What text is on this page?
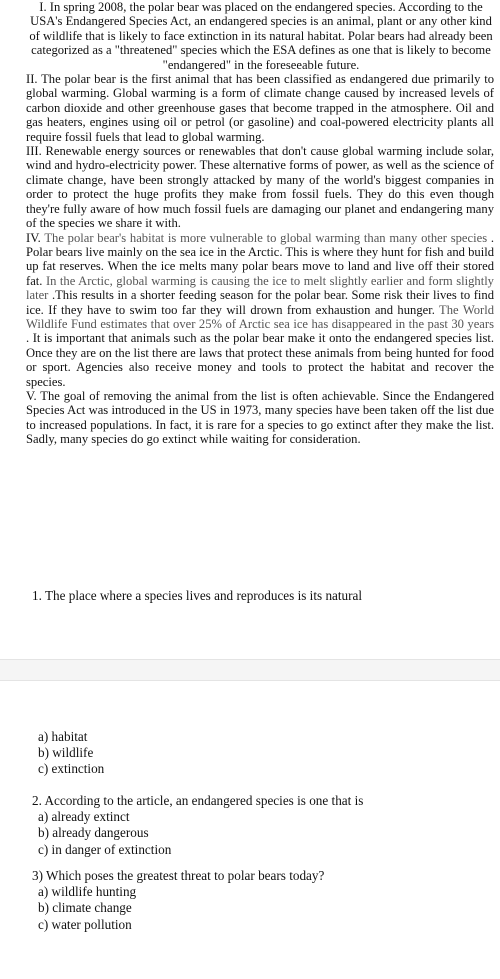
I. In spring 2008, the polar bear was placed on the endangered species. According to the USA's Endangered Species Act, an endangered species is an animal, plant or any other kind of wildlife that is likely to face extinction in its natural habitat. Polar bears had already been categorized as a "threatened" species which the ESA defines as one that is likely to become "endangered" in the foreseeable future.

II. The polar bear is the first animal that has been classified as endangered due primarily to global warming. Global warming is a form of climate change caused by increased levels of carbon dioxide and other greenhouse gases that become trapped in the atmosphere. Oil and gas heaters, engines using oil or petrol (or gasoline) and coal-powered electricity plants all require fossil fuels that lead to global warming.

III. Renewable energy sources or renewables that don't cause global warming include solar, wind and hydro-electricity power. These alternative forms of power, as well as the science of climate change, have been strongly attacked by many of the world's biggest companies in order to protect the huge profits they make from fossil fuels. They do this even though they're fully aware of how much fossil fuels are damaging our planet and endangering many of the species we share it with.

IV. The polar bear's habitat is more vulnerable to global warming than many other species . Polar bears live mainly on the sea ice in the Arctic. This is where they hunt for fish and build up fat reserves. When the ice melts many polar bears move to land and live off their stored fat. In the Arctic, global warming is causing the ice to melt slightly earlier and form slightly later .This results in a shorter feeding season for the polar bear. Some risk their lives to find ice. If they have to swim too far they will drown from exhaustion and hunger. The World Wildlife Fund estimates that over 25% of Arctic sea ice has disappeared in the past 30 years . It is important that animals such as the polar bear make it onto the endangered species list. Once they are on the list there are laws that protect these animals from being hunted for food or sport. Agencies also receive money and tools to protect the habitat and recover the species.

V. The goal of removing the animal from the list is often achievable. Since the Endangered Species Act was introduced in the US in 1973, many species have been taken off the list due to increased populations. In fact, it is rare for a species to go extinct after they make the list. Sadly, many species do go extinct while waiting for consideration.

1. The place where a species lives and reproduces is its natural
a) habitat
b) wildlife
c) extinction
2. According to the article, an endangered species is one that is
a) already extinct
b) already dangerous
c) in danger of extinction
3) Which poses the greatest threat to polar bears today?
a) wildlife hunting
b) climate change
c) water pollution
